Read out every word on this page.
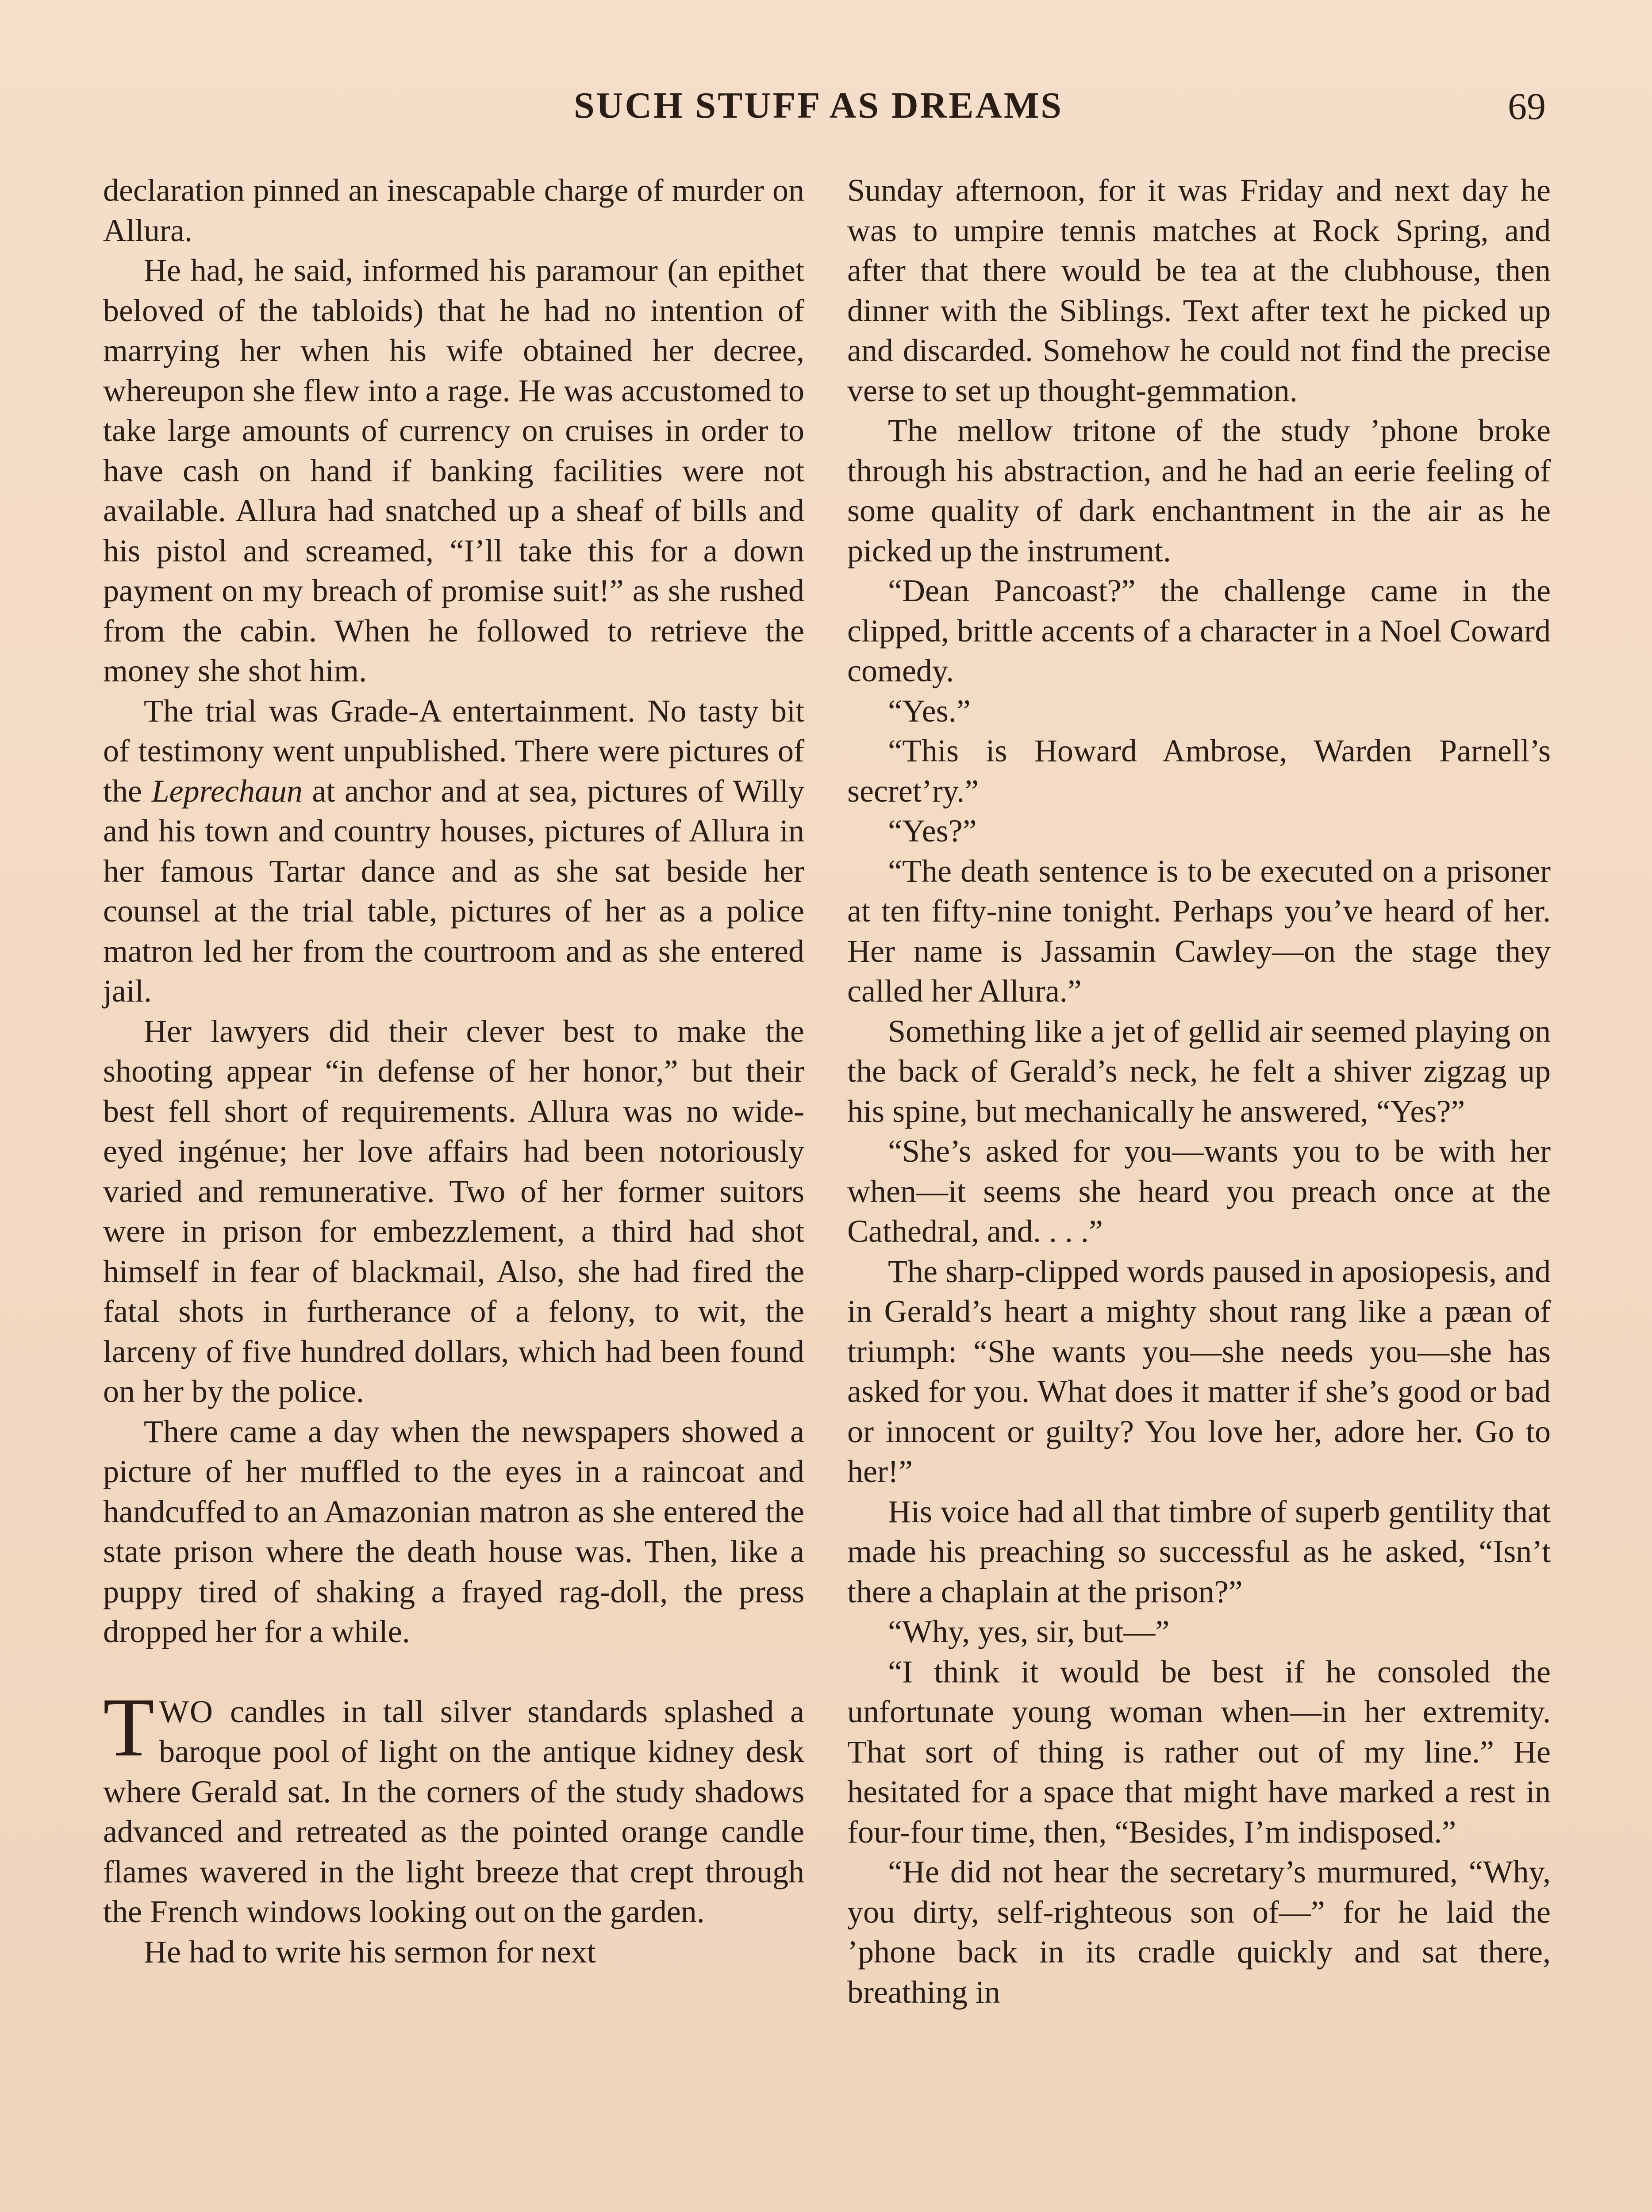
SUCH STUFF AS DREAMS	69

declaration pinned an inescapable charge of murder on Allura.

He had, he said, informed his paramour (an epithet beloved of the tabloids) that he had no intention of marrying her when his wife obtained her decree, whereupon she flew into a rage. He was accustomed to take large amounts of currency on cruises in order to have cash on hand if banking facilities were not available. Allura had snatched up a sheaf of bills and his pistol and screamed, “I’ll take this for a down payment on my breach of promise suit!” as she rushed from the cabin. When he followed to retrieve the money she shot him.

The trial was Grade-A entertainment. No tasty bit of testimony went unpublished. There were pictures of the Leprechaun at anchor and at sea, pictures of Willy and his town and country houses, pictures of Allura in her famous Tartar dance and as she sat beside her counsel at the trial table, pictures of her as a police matron led her from the courtroom and as she entered jail.

Her lawyers did their clever best to make the shooting appear “in defense of her honor,” but their best fell short of requirements. Allura was no wide-eyed ingénue; her love affairs had been notoriously varied and remunerative. Two of her former suitors were in prison for embezzlement, a third had shot himself in fear of blackmail, Also, she had fired the fatal shots in furtherance of a felony, to wit, the larceny of five hundred dollars, which had been found on her by the police.

There came a day when the newspapers showed a picture of her muffled to the eyes in a raincoat and handcuffed to an Amazonian matron as she entered the state prison where the death house was. Then, like a puppy tired of shaking a frayed rag-doll, the press dropped her for a while.

TWO candles in tall silver standards splashed a baroque pool of light on the antique kidney desk where Gerald sat. In the corners of the study shadows advanced and retreated as the pointed orange candle flames wavered in the light breeze that crept through the French windows looking out on the garden.

He had to write his sermon for next

Sunday afternoon, for it was Friday and next day he was to umpire tennis matches at Rock Spring, and after that there would be tea at the clubhouse, then dinner with the Siblings. Text after text he picked up and discarded. Somehow he could not find the precise verse to set up thought-gemmation.

The mellow tritone of the study ’phone broke through his abstraction, and he had an eerie feeling of some quality of dark enchantment in the air as he picked up the instrument.

“Dean Pancoast?” the challenge came in the clipped, brittle accents of a character in a Noel Coward comedy.

“Yes.”

“This is Howard Ambrose, Warden Parnell’s secret’ry.”

“Yes?”

“The death sentence is to be executed on a prisoner at ten fifty-nine tonight. Perhaps you’ve heard of her. Her name is Jassamin Cawley—on the stage they called her Allura.”

Something like a jet of gellid air seemed playing on the back of Gerald’s neck, he felt a shiver zigzag up his spine, but mechanically he answered, “Yes?”

“She’s asked for you—wants you to be with her when—it seems she heard you preach once at the Cathedral, and. . . .”

The sharp-clipped words paused in aposiopesis, and in Gerald’s heart a mighty shout rang like a pæan of triumph: “She wants you—she needs you—she has asked for you. What does it matter if she’s good or bad or innocent or guilty? You love her, adore her. Go to her!”

His voice had all that timbre of superb gentility that made his preaching so successful as he asked, “Isn’t there a chaplain at the prison?”

“Why, yes, sir, but—”

“I think it would be best if he consoled the unfortunate young woman when—in her extremity. That sort of thing is rather out of my line.” He hesitated for a space that might have marked a rest in four-four time, then, “Besides, I’m indisposed.”

“He did not hear the secretary’s murmured, “Why, you dirty, self-righteous son of—” for he laid the ’phone back in its cradle quickly and sat there, breathing in
